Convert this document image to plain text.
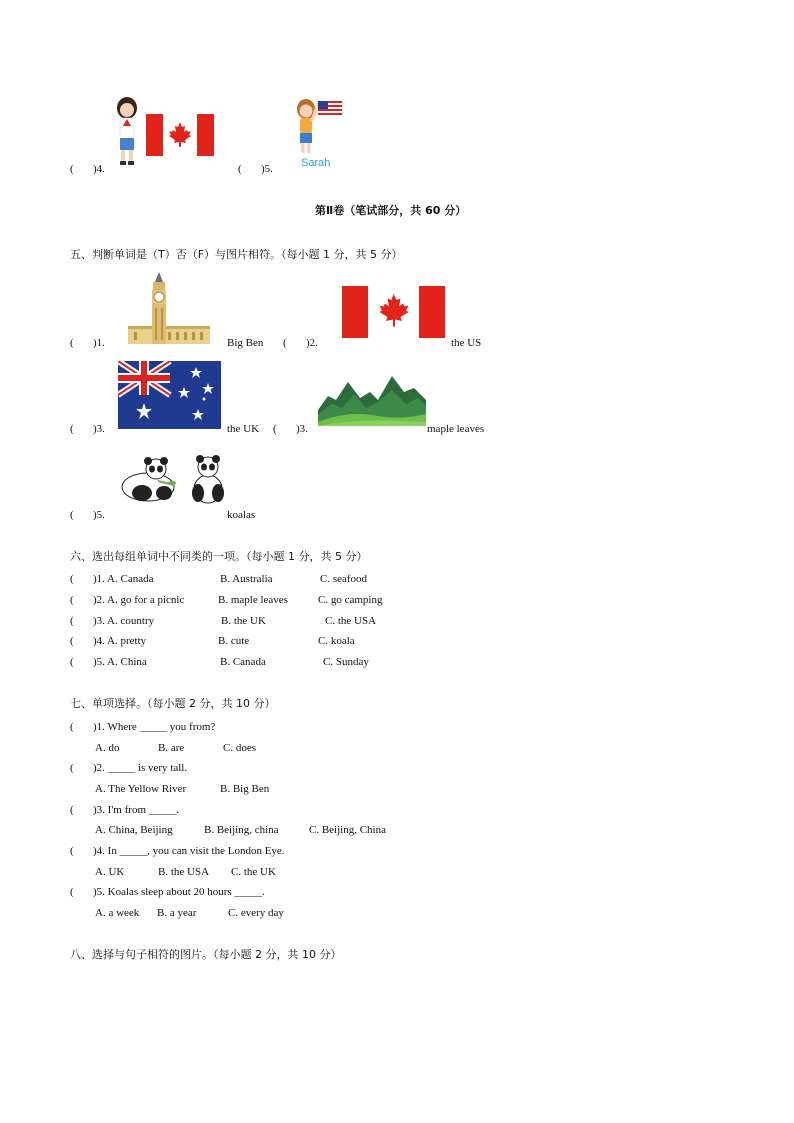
( )4.	Sarah
( )5.
第Ⅱ卷（笔试部分，共 60 分）
五、判断单词是（T）否（F）与图片相符。（每小题 1 分，共 5 分）
( )1.	Big Ben ( )2.	the US
( )3.	the UK ( )3.	maple leaves
( )5.	koalas
六、选出每组单词中不同类的一项。（每小题 1 分，共 5 分）
( )1. A. Canada	B. Australia	C. seafood
( )2. A. go for a picnic	B. maple leaves	C. go camping
( )3. A. country	B. the UK	C. the USA
( )4. A. pretty	B. cute	C. koala
( )5. A. China	B. Canada	C. Sunday
七、单项选择。（每小题 2 分，共 10 分）
( )1. Where _____ you from?
A. do	B. are	C. does
( )2. _____ is very tall.
A. The Yellow River	B. Big Ben
( )3. I'm from _____.
A. China, Beijing	B. Beijing, china	C. Beijing, China
( )4. In _____, you can visit the London Eye.
A. UK	B. the USA C. the UK
( )5. Koalas sleep about 20 hours _____.
A. a week B. a year	C. every day
八、选择与句子相符的图片。（每小题 2 分，共 10 分）
